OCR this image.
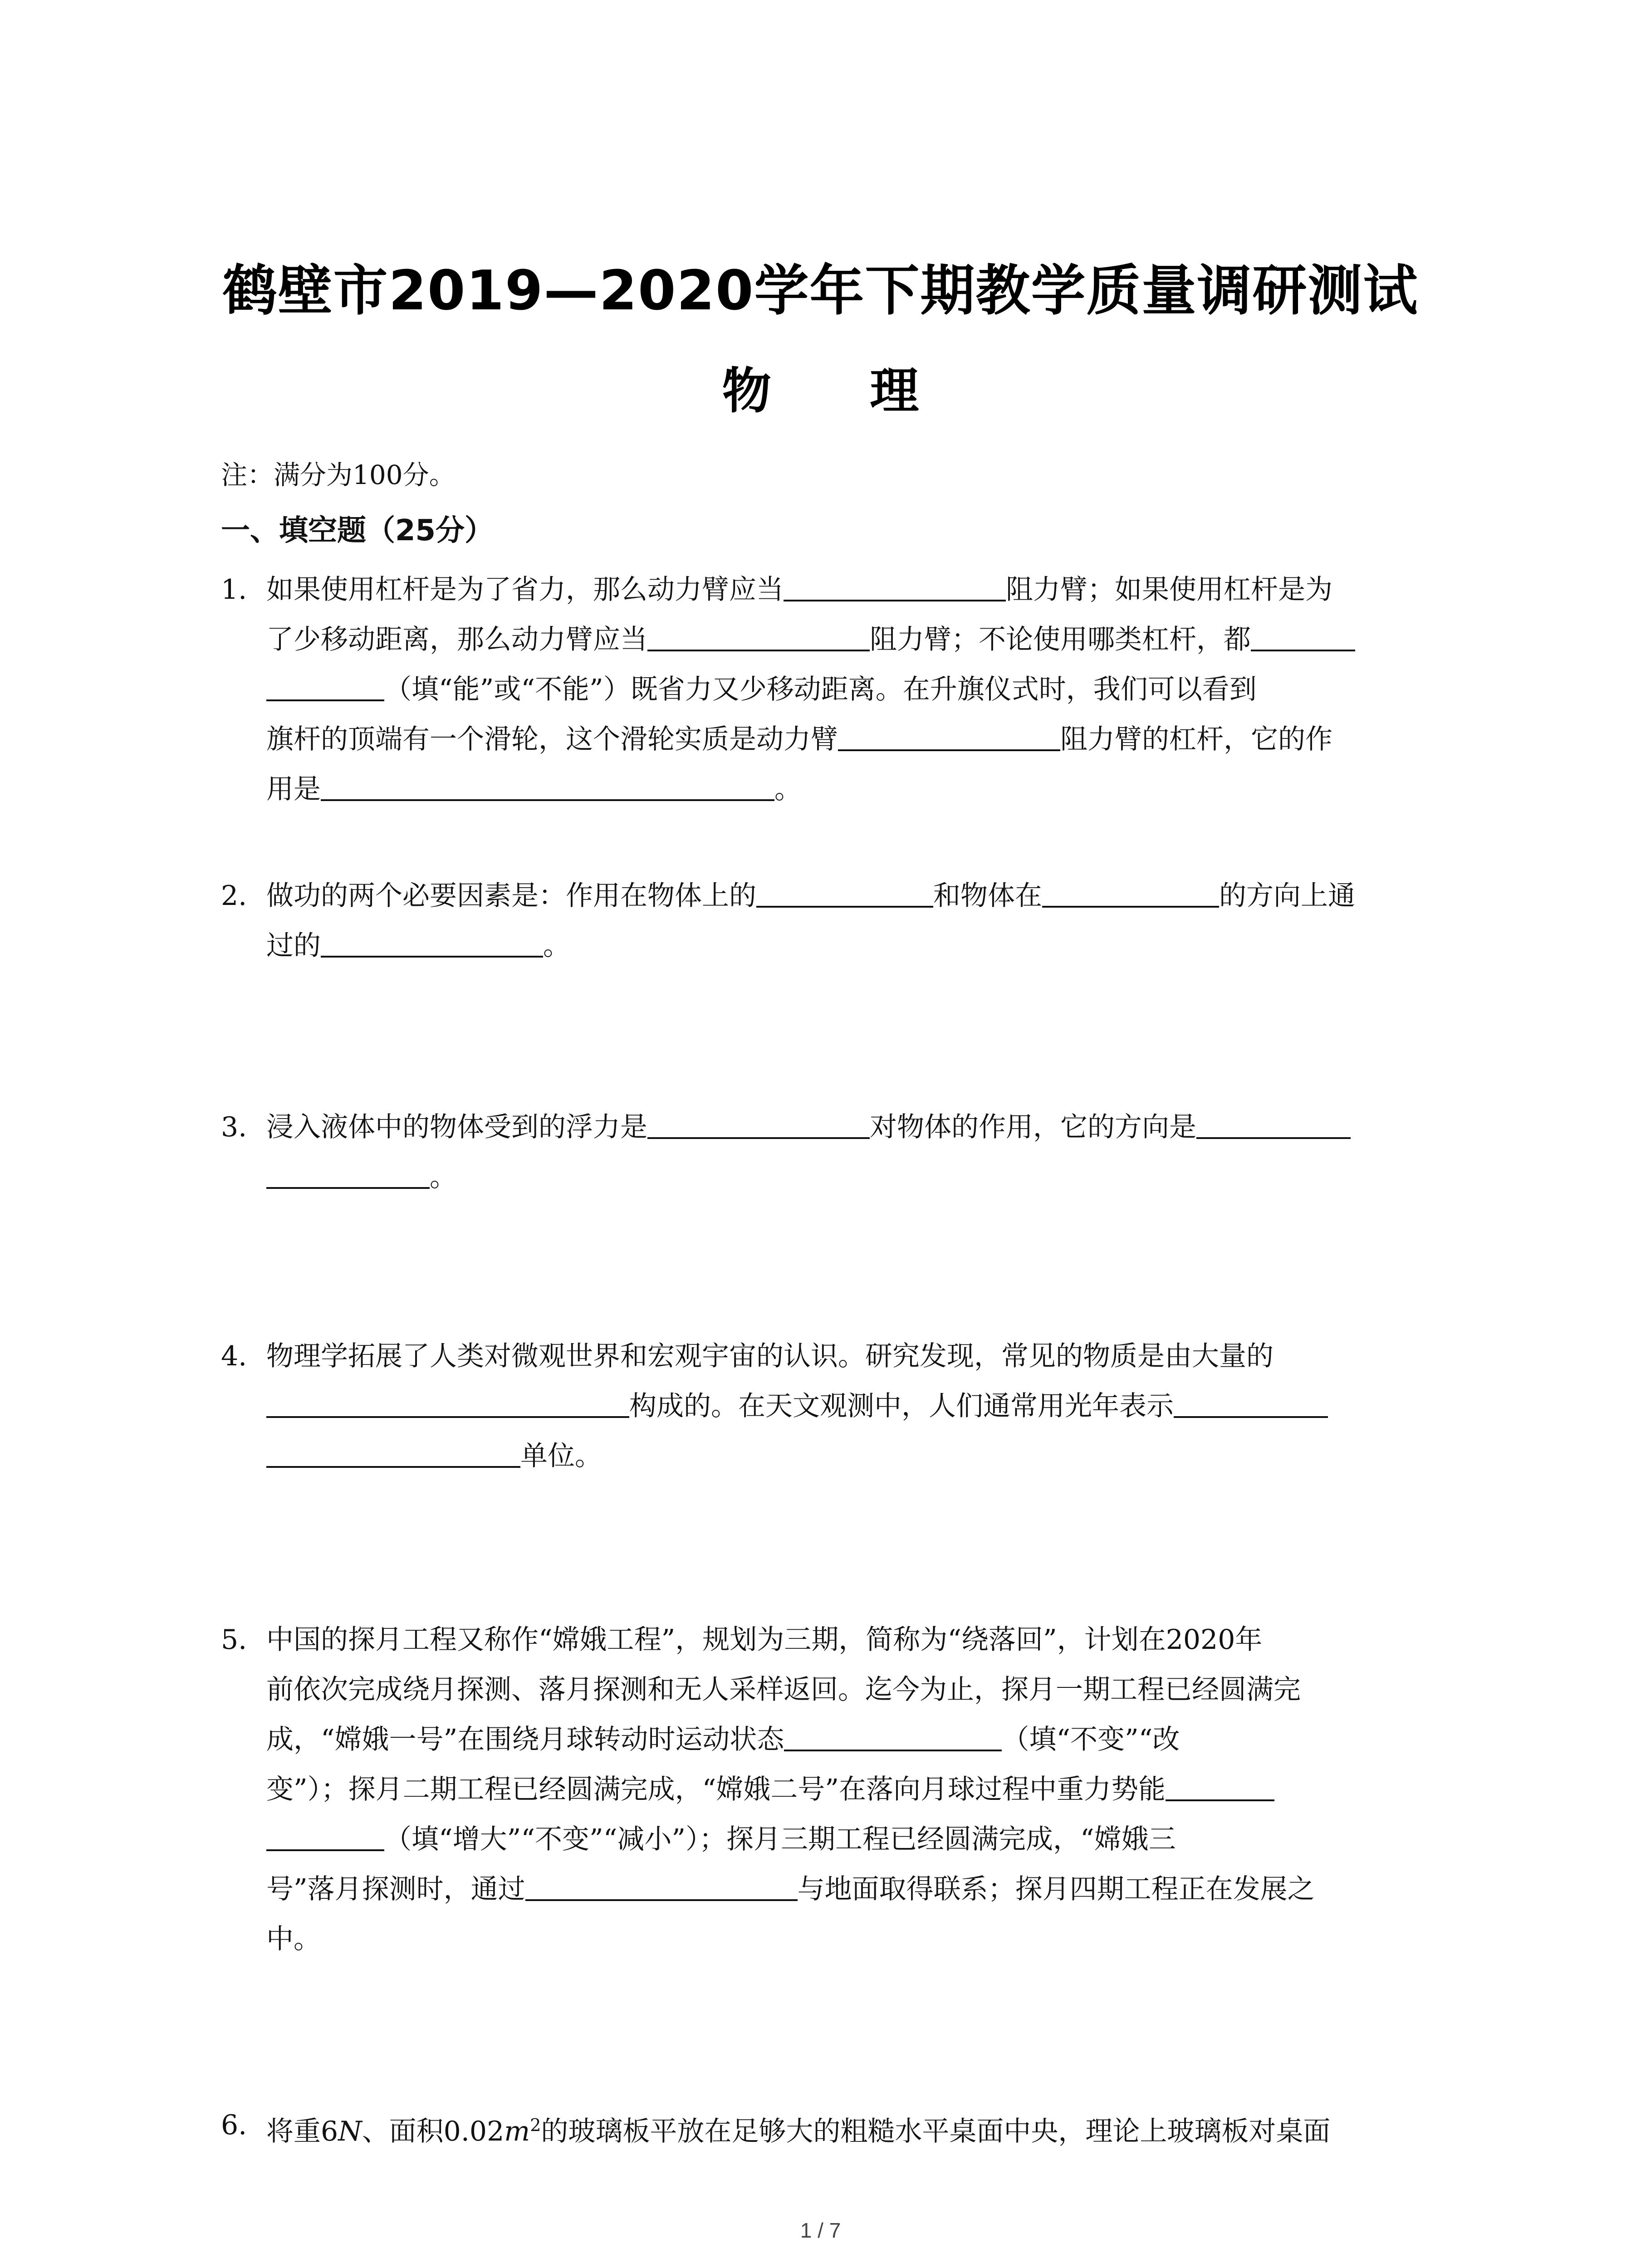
鹤壁市2019—2020学年下期教学质量调研测试
物 理
注：满分为100分。
一、填空题（25分）
1. 如果使用杠杆是为了省力，那么动力臂应当	阻力臂；如果使用杠杆是为
了少移动距离，那么动力臂应当	阻力臂；不论使用哪类杠杆，都
（填“能”或“不能”）既省力又少移动距离。在升旗仪式时，我们可以看到
旗杆的顶端有一个滑轮，这个滑轮实质是动力臂	阻力臂的杠杆，它的作
用是	。
2. 做功的两个必要因素是：作用在物体上的	和物体在	的方向上通
过的	。
3. 浸入液体中的物体受到的浮力是	对物体的作用，它的方向是
。
4. 物理学拓展了人类对微观世界和宏观宇宙的认识。研究发现，常见的物质是由大量的
构成的。在天文观测中，人们通常用光年表示
单位。
5. 中国的探月工程又称作“嫦娥工程”，规划为三期，简称为“绕落回”，计划在2020年
前依次完成绕月探测、落月探测和无人采样返回。迄今为止，探月一期工程已经圆满完
成，“嫦娥一号”在围绕月球转动时运动状态	（填“不变”“改
变”）；探月二期工程已经圆满完成，“嫦娥二号”在落向月球过程中重力势能
（填“增大”“不变”“减小”）；探月三期工程已经圆满完成，“嫦娥三
号”落月探测时，通过	与地面取得联系；探月四期工程正在发展之
中。
6. 将重6N、面积$0.02m^2$的玻璃板平放在足够大的粗糙水平桌面中央，理论上玻璃板对桌面
1 / 7
